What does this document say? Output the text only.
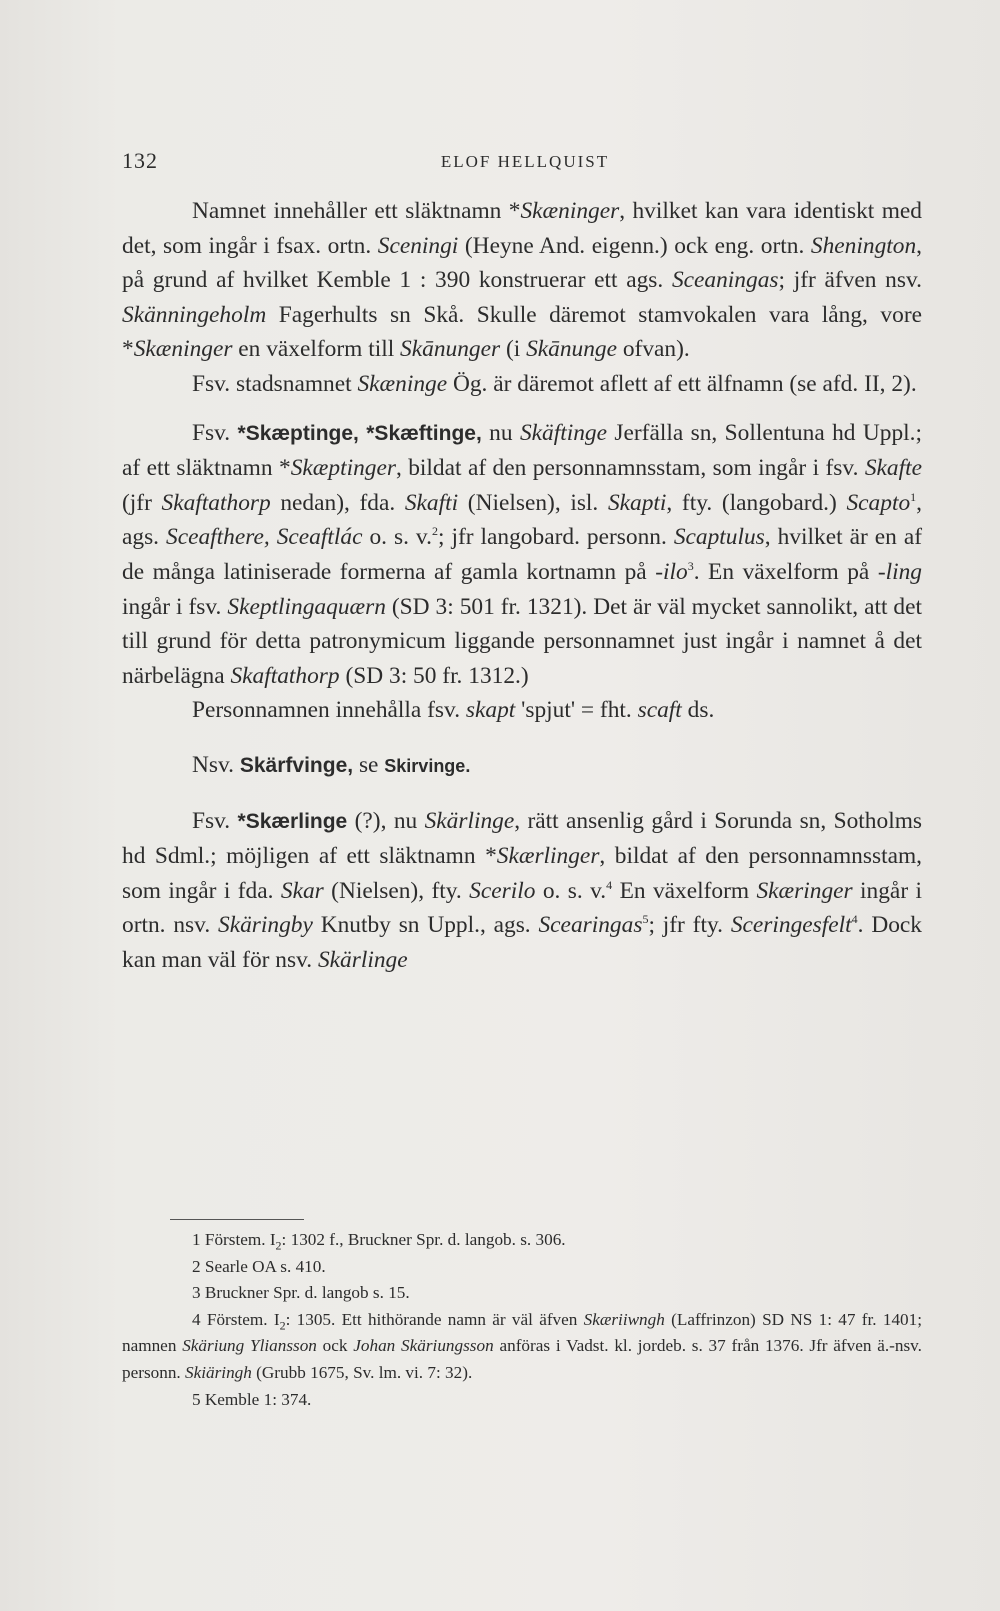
132	ELOF HELLQUIST

Namnet innehåller ett släktnamn *Skæninger, hvilket kan vara identiskt med det, som ingår i fsax. ortn. Sceningi (Heyne And. eigenn.) ock eng. ortn. Shenington, på grund af hvilket Kemble 1 : 390 konstruerar ett ags. Sceaningas; jfr äfven nsv. Skänningeholm Fagerhults sn Skå. Skulle däremot stamvokalen vara lång, vore *Skæninger en växelform till Skānunger (i Skānunge ofvan).

Fsv. stadsnamnet Skæninge Ög. är däremot aflett af ett älfnamn (se afd. II, 2).

Fsv. *Skæptinge, *Skæftinge, nu Skäftinge Jerfälla sn, Sollentuna hd Uppl.; af ett släktnamn *Skæptinger, bildat af den personnamnsstam, som ingår i fsv. Skafte (jfr Skaftathorp nedan), fda. Skafti (Nielsen), isl. Skapti, fty. (langobard.) Scapto$^1$, ags. Sceafthere, Sceaftlác o. s. v.$^2$; jfr langobard. personn. Scaptulus, hvilket är en af de många latiniserade formerna af gamla kortnamn på -ilo$^3$. En växelform på -ling ingår i fsv. Skeptlingaquærn (SD 3: 501 fr. 1321). Det är väl mycket sannolikt, att det till grund för detta patronymicum liggande personnamnet just ingår i namnet å det närbelägna Skaftathorp (SD 3: 50 fr. 1312.)

Personnamnen innehålla fsv. skapt 'spjut' = fht. scaft ds.

Nsv. Skärfvinge, se Skirvinge.

Fsv. *Skærlinge (?), nu Skärlinge, rätt ansenlig gård i Sorunda sn, Sotholms hd Sdml.; möjligen af ett släktnamn *Skærlinger, bildat af den personnamnsstam, som ingår i fda. Skar (Nielsen), fty. Scerilo o. s. v.$^4$ En växelform Skæringer ingår i ortn. nsv. Skäringby Knutby sn Uppl., ags. Scearingas$^5$; jfr fty. Sceringesfelt$^4$. Dock kan man väl för nsv. Skärlinge

1 Förstem. $I_2$: 1302 f., Bruckner Spr. d. langob. s. 306.

2 Searle OA s. 410.

3 Bruckner Spr. d. langob s. 15.

4 Förstem. $I_2$: 1305. Ett hithörande namn är väl äfven Skæriiwngh (Laffrinzon) SD NS 1: 47 fr. 1401; namnen Skäriung Yliansson ock Johan Skäriungsson anföras i Vadst. kl. jordeb. s. 37 från 1376. Jfr äfven ä.-nsv. personn. Skiäringh (Grubb 1675, Sv. lm. vi. 7: 32).

5 Kemble 1: 374.
